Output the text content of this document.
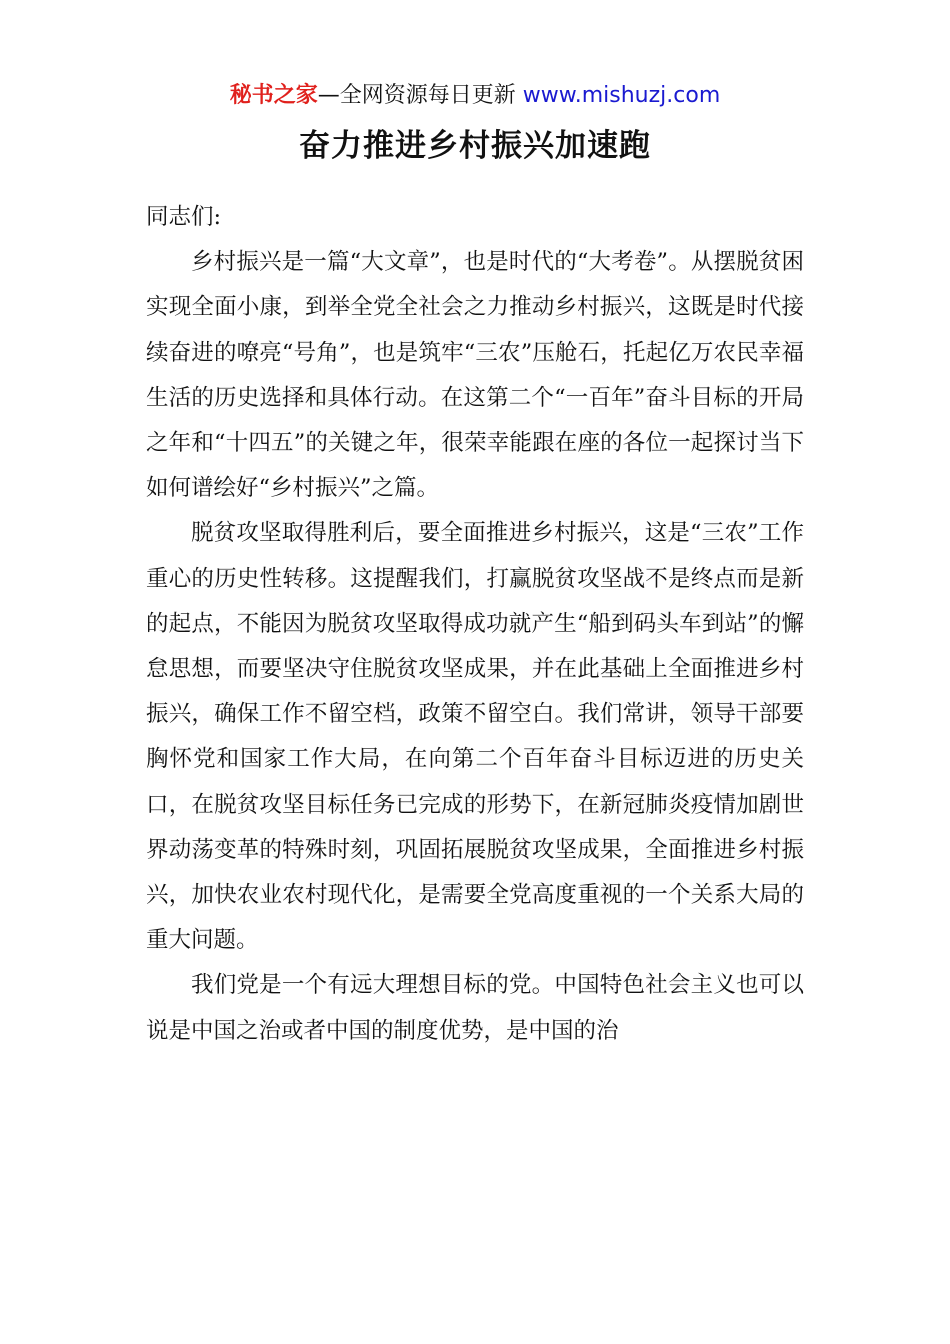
秘书之家—全网资源每日更新 www.mishuzj.com
奋力推进乡村振兴加速跑

同志们:

乡村振兴是一篇“大文章”，也是时代的“大考卷”。从摆脱贫困实现全面小康，到举全党全社会之力推动乡村振兴，这既是时代接续奋进的嘹亮“号角”，也是筑牢“三农”压舱石，托起亿万农民幸福生活的历史选择和具体行动。在这第二个“一百年”奋斗目标的开局之年和“十四五”的关键之年，很荣幸能跟在座的各位一起探讨当下如何谱绘好“乡村振兴”之篇。

脱贫攻坚取得胜利后，要全面推进乡村振兴，这是“三农”工作重心的历史性转移。这提醒我们，打赢脱贫攻坚战不是终点而是新的起点，不能因为脱贫攻坚取得成功就产生“船到码头车到站”的懈怠思想，而要坚决守住脱贫攻坚成果，并在此基础上全面推进乡村振兴，确保工作不留空档，政策不留空白。我们常讲，领导干部要胸怀党和国家工作大局，在向第二个百年奋斗目标迈进的历史关口，在脱贫攻坚目标任务已完成的形势下，在新冠肺炎疫情加剧世界动荡变革的特殊时刻，巩固拓展脱贫攻坚成果，全面推进乡村振兴，加快农业农村现代化，是需要全党高度重视的一个关系大局的重大问题。

我们党是一个有远大理想目标的党。中国特色社会主义也可以说是中国之治或者中国的制度优势，是中国的治
